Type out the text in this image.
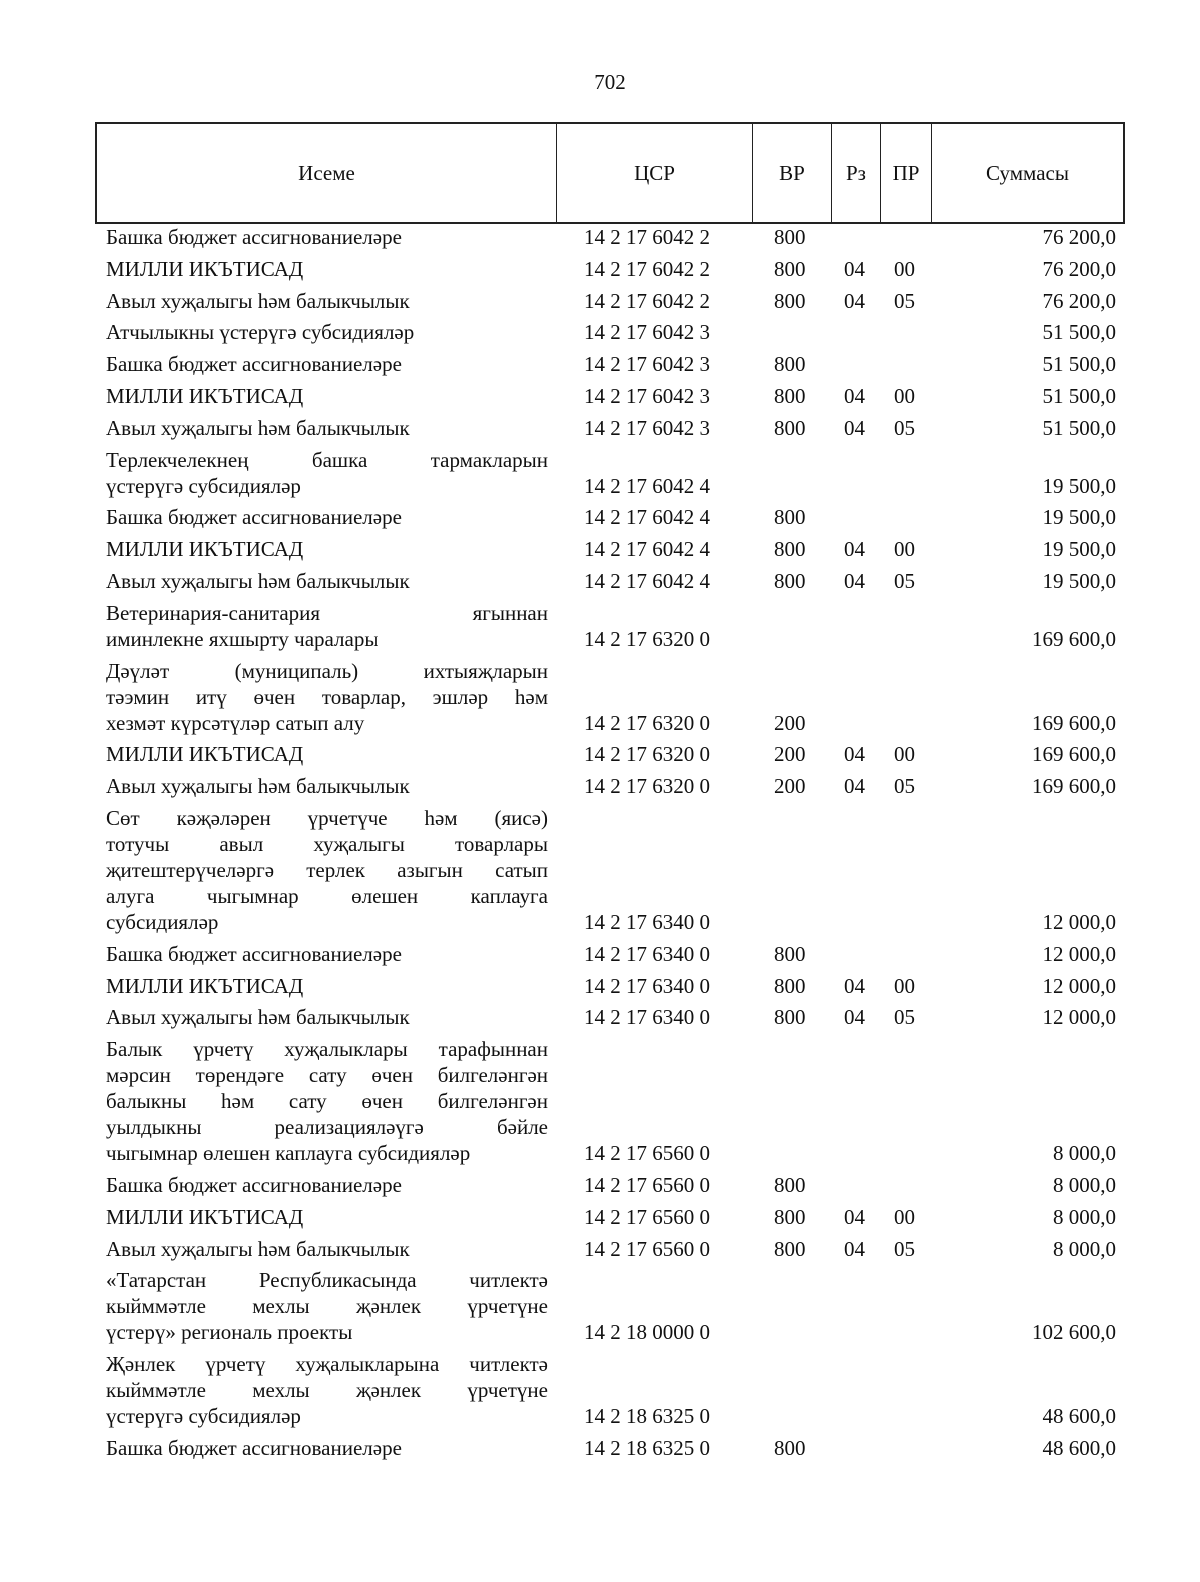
702
Исеме	ЦСР	ВР	Рз	ПР	Суммасы
Башка бюджет ассигнованиеләре	14 2 17 6042 2	800	76 200,0
МИЛЛИ ИКЪТИСАД	14 2 17 6042 2	800 04 00	76 200,0
Авыл хуҗалыгы һәм балыкчылык	14 2 17 6042 2	800 04 05	76 200,0
Атчылыкны үстерүгә субсидияләр	14 2 17 6042 3	51 500,0
Башка бюджет ассигнованиеләре	14 2 17 6042 3	800	51 500,0
МИЛЛИ ИКЪТИСАД	14 2 17 6042 3	800 04 00	51 500,0
Авыл хуҗалыгы һәм балыкчылык	14 2 17 6042 3	800 04 05	51 500,0
Терлекчелекнең башка тармакларын
үстерүгә субсидияләр	14 2 17 6042 4	19 500,0
Башка бюджет ассигнованиеләре	14 2 17 6042 4	800	19 500,0
МИЛЛИ ИКЪТИСАД	14 2 17 6042 4	800 04 00	19 500,0
Авыл хуҗалыгы һәм балыкчылык	14 2 17 6042 4	800 04 05	19 500,0
Ветеринария-санитария ягыннан
иминлекне яхшырту чаралары	14 2 17 6320 0	169 600,0
Дәүләт (муниципаль) ихтыяҗларын
тәэмин итү өчен товарлар, эшләр һәм
хезмәт күрсәтүләр сатып алу	14 2 17 6320 0	200	169 600,0
МИЛЛИ ИКЪТИСАД	14 2 17 6320 0	200 04 00	169 600,0
Авыл хуҗалыгы һәм балыкчылык	14 2 17 6320 0	200 04 05	169 600,0
Сөт кәҗәләрен үрчетүче һәм (яисә)
тотучы авыл хуҗалыгы товарлары
җитештерүчеләргә терлек азыгын сатып
алуга чыгымнар өлешен каплауга
субсидияләр	14 2 17 6340 0	12 000,0
Башка бюджет ассигнованиеләре	14 2 17 6340 0	800	12 000,0
МИЛЛИ ИКЪТИСАД	14 2 17 6340 0	800 04 00	12 000,0
Авыл хуҗалыгы һәм балыкчылык	14 2 17 6340 0	800 04 05	12 000,0
Балык үрчетү хуҗалыклары тарафыннан
мәрсин төрендәге сату өчен билгеләнгән
балыкны һәм сату өчен билгеләнгән
уылдыкны реализацияләүгә бәйле
чыгымнар өлешен каплауга субсидияләр	14 2 17 6560 0	8 000,0
Башка бюджет ассигнованиеләре	14 2 17 6560 0	800	8 000,0
МИЛЛИ ИКЪТИСАД	14 2 17 6560 0	800 04 00	8 000,0
Авыл хуҗалыгы һәм балыкчылык	14 2 17 6560 0	800 04 05	8 000,0
«Татарстан Республикасында читлектә
кыйммәтле мехлы җәнлек үрчетүне
үстерү» региональ проекты	14 2 18 0000 0	102 600,0
Җәнлек үрчетү хуҗалыкларына читлектә
кыйммәтле мехлы җәнлек үрчетүне
үстерүгә субсидияләр	14 2 18 6325 0	48 600,0
Башка бюджет ассигнованиеләре	14 2 18 6325 0	800	48 600,0
